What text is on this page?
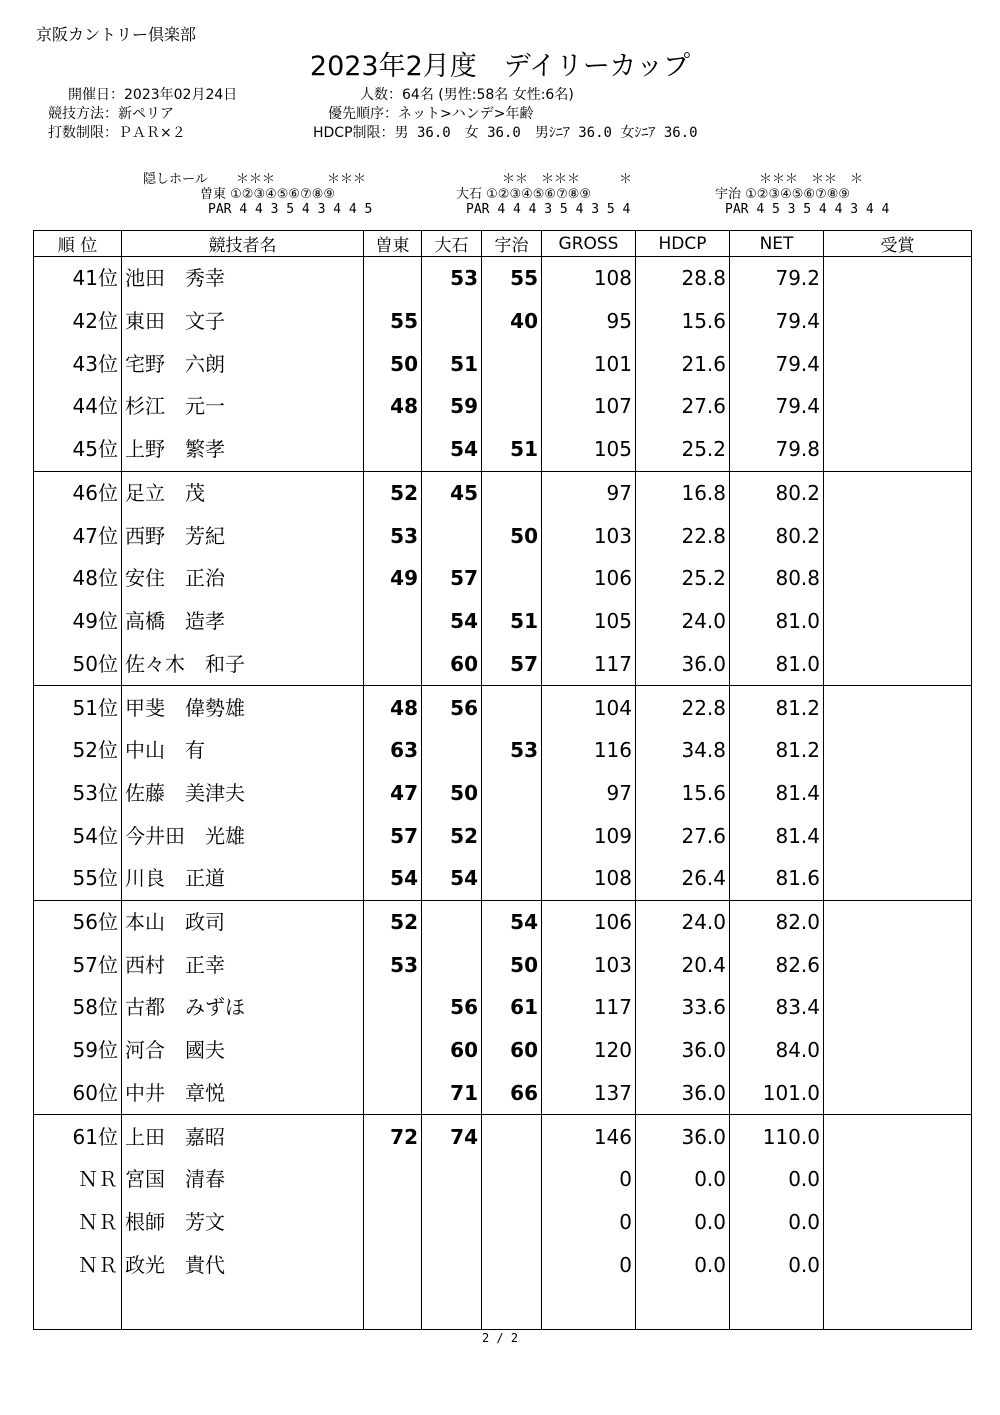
京阪カントリー倶楽部
2023年2月度　デイリーカップ
開催日：2023年02月24日
競技方法：新ペリア
打数制限：ＰＡＲ×２
人数：64名 (男性:58名 女性:6名)
優先順序：ネット>ハンデ>年齢
HDCP制限：男 36.0　女 36.0　男ｼﾆｱ 36.0 女ｼﾆｱ 36.0
隠しホール	＊＊＊　　　　＊＊＊
曽東 ①②③④⑤⑥⑦⑧⑨
PAR 4 4 3 5 4 3 4 4 5
＊＊　＊＊＊　　　＊
大石 ①②③④⑤⑥⑦⑧⑨
PAR 4 4 4 3 5 4 3 5 4
＊＊＊　＊＊　＊
宇治 ①②③④⑤⑥⑦⑧⑨
PAR 4 5 3 5 4 4 3 4 4
順 位	競技者名	曽東	大石	宇治	GROSS	HDCP	NET	受賞
41位	池田　秀幸		53	55	108	28.8	79.2	
42位	東田　文子	55		40	95	15.6	79.4	
43位	宅野　六朗	50	51		101	21.6	79.4	
44位	杉江　元一	48	59		107	27.6	79.4	
45位	上野　繁孝		54	51	105	25.2	79.8	
46位	足立　茂	52	45		97	16.8	80.2	
47位	西野　芳紀	53		50	103	22.8	80.2	
48位	安住　正治	49	57		106	25.2	80.8	
49位	高橋　造孝		54	51	105	24.0	81.0	
50位	佐々木　和子		60	57	117	36.0	81.0	
51位	甲斐　偉勢雄	48	56		104	22.8	81.2	
52位	中山　有	63		53	116	34.8	81.2	
53位	佐藤　美津夫	47	50		97	15.6	81.4	
54位	今井田　光雄	57	52		109	27.6	81.4	
55位	川良　正道	54	54		108	26.4	81.6	
56位	本山　政司	52		54	106	24.0	82.0	
57位	西村　正幸	53		50	103	20.4	82.6	
58位	古都　みずほ		56	61	117	33.6	83.4	
59位	河合　國夫		60	60	120	36.0	84.0	
60位	中井　章悦		71	66	137	36.0	101.0	
61位	上田　嘉昭	72	74		146	36.0	110.0	
ＮＲ	宮国　清春				0	0.0	0.0	
ＮＲ	根師　芳文				0	0.0	0.0	
ＮＲ	政光　貴代				0	0.0	0.0	

2 / 2
